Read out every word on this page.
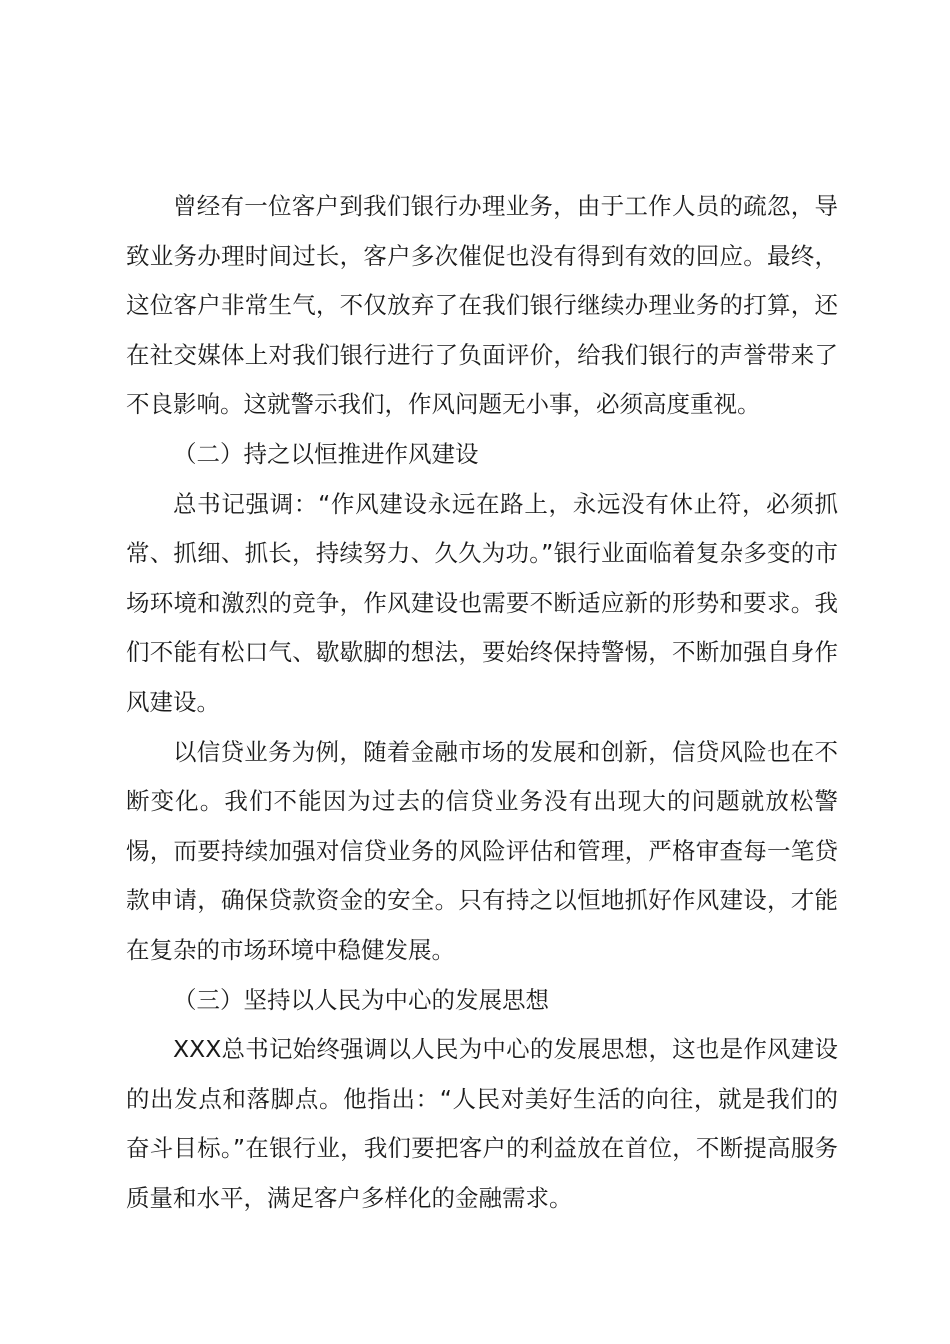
曾经有一位客户到我们银行办理业务，由于工作人员的疏忽，导致业务办理时间过长，客户多次催促也没有得到有效的回应。最终，这位客户非常生气，不仅放弃了在我们银行继续办理业务的打算，还在社交媒体上对我们银行进行了负面评价，给我们银行的声誉带来了不良影响。这就警示我们，作风问题无小事，必须高度重视。

（二）持之以恒推进作风建设

总书记强调：“作风建设永远在路上，永远没有休止符，必须抓常、抓细、抓长，持续努力、久久为功。”银行业面临着复杂多变的市场环境和激烈的竞争，作风建设也需要不断适应新的形势和要求。我们不能有松口气、歇歇脚的想法，要始终保持警惕，不断加强自身作风建设。

以信贷业务为例，随着金融市场的发展和创新，信贷风险也在不断变化。我们不能因为过去的信贷业务没有出现大的问题就放松警惕，而要持续加强对信贷业务的风险评估和管理，严格审查每一笔贷款申请，确保贷款资金的安全。只有持之以恒地抓好作风建设，才能在复杂的市场环境中稳健发展。

（三）坚持以人民为中心的发展思想

XXX总书记始终强调以人民为中心的发展思想，这也是作风建设的出发点和落脚点。他指出：“人民对美好生活的向往，就是我们的奋斗目标。”在银行业，我们要把客户的利益放在首位，不断提高服务质量和水平，满足客户多样化的金融需求。
